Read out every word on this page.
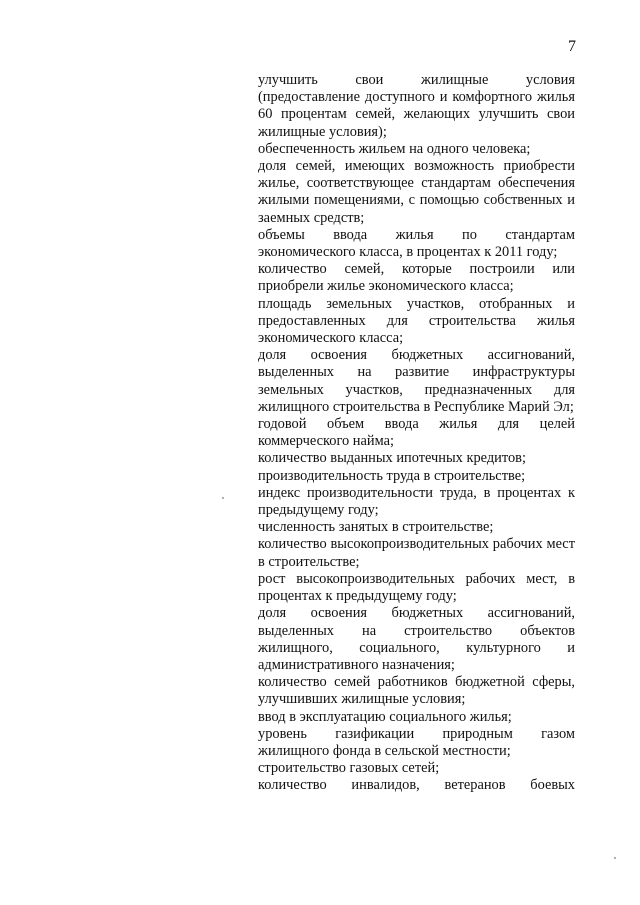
7

улучшить свои жилищные условия (предоставление доступного и комфортного жилья 60 процентам семей, желающих улучшить свои жилищные условия);

обеспеченность жильем на одного человека;

доля семей, имеющих возможность приобрести жилье, соответствующее стандартам обеспечения жилыми помещениями, с помощью собственных и заемных средств;

объемы ввода жилья по стандартам экономического класса, в процентах к 2011 году;

количество семей, которые построили или приобрели жилье экономического класса;

площадь земельных участков, отобранных и предоставленных для строительства жилья экономического класса;

доля освоения бюджетных ассигнований, выделенных на развитие инфраструктуры земельных участков, предназначенных для жилищного строительства в Республике Марий Эл;

годовой объем ввода жилья для целей коммерческого найма;

количество выданных ипотечных кредитов;

производительность труда в строительстве;

индекс производительности труда, в процентах к предыдущему году;

численность занятых в строительстве;

количество высокопроизводительных рабочих мест в строительстве;

рост высокопроизводительных рабочих мест, в процентах к предыдущему году;

доля освоения бюджетных ассигнований, выделенных на строительство объектов жилищного, социального, культурного и административного назначения;

количество семей работников бюджетной сферы, улучшивших жилищные условия;

ввод в эксплуатацию социального жилья;

уровень газификации природным газом жилищного фонда в сельской местности;

строительство газовых сетей;

количество инвалидов, ветеранов боевых
